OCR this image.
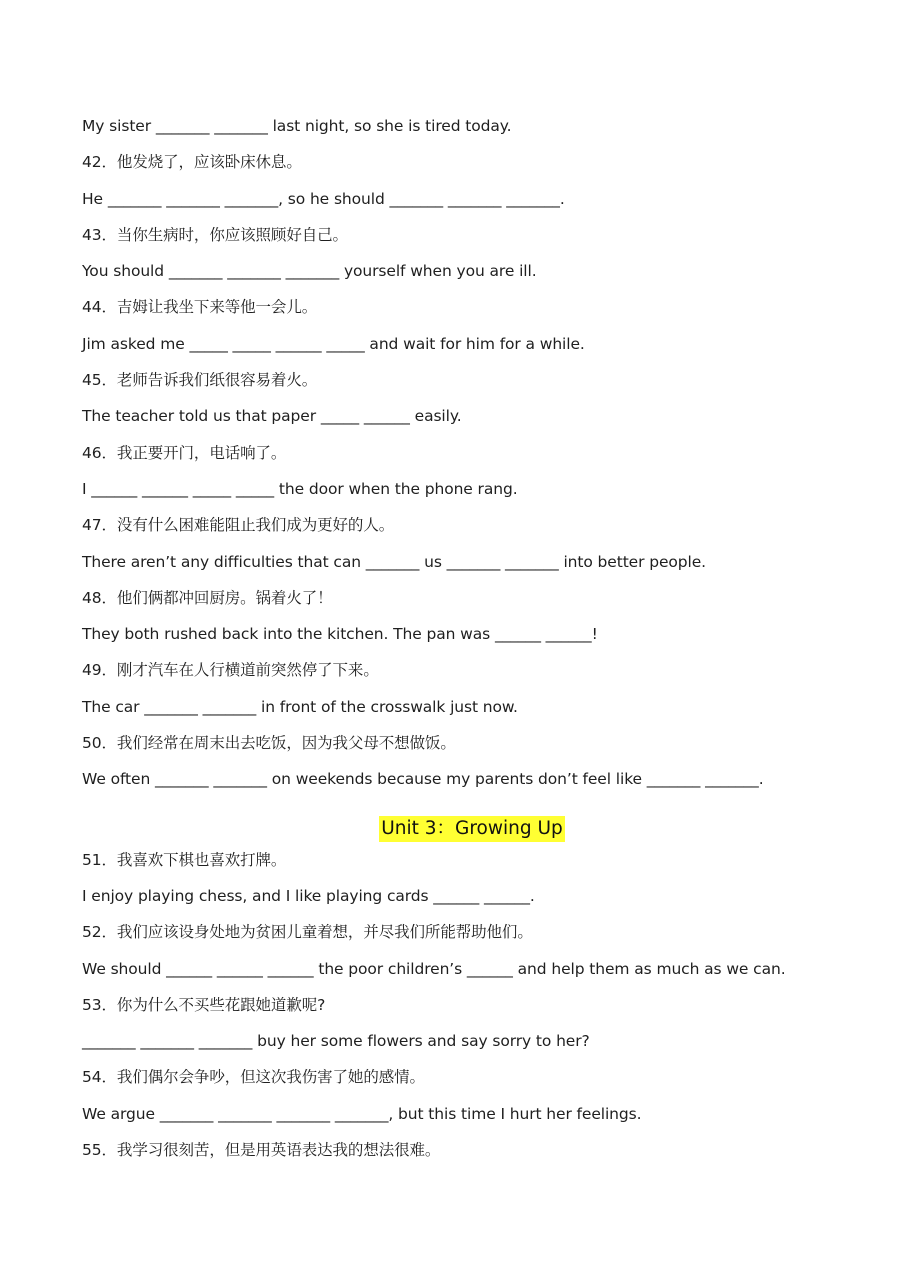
My sister _______ _______ last night, so she is tired today.
42．他发烧了，应该卧床休息。
He _______ _______ _______, so he should _______ _______ _______.
43．当你生病时，你应该照顾好自己。
You should _______ _______ _______ yourself when you are ill.
44．吉姆让我坐下来等他一会儿。
Jim asked me _____ _____ ______ _____ and wait for him for a while.
45．老师告诉我们纸很容易着火。
The teacher told us that paper _____ ______ easily.
46．我正要开门，电话响了。
I ______ ______ _____ _____ the door when the phone rang.
47．没有什么困难能阻止我们成为更好的人。
There aren’t any difficulties that can _______ us _______ _______ into better people.
48．他们俩都冲回厨房。锅着火了！
They both rushed back into the kitchen. The pan was ______ ______!
49．刚才汽车在人行横道前突然停了下来。
The car _______ _______ in front of the crosswalk just now.
50．我们经常在周末出去吃饭，因为我父母不想做饭。
We often _______ _______ on weekends because my parents don’t feel like _______ _______.
Unit 3：Growing Up
51．我喜欢下棋也喜欢打牌。
I enjoy playing chess, and I like playing cards ______ ______.
52．我们应该设身处地为贫困儿童着想，并尽我们所能帮助他们。
We should ______ ______ ______ the poor children’s ______ and help them as much as we can.
53．你为什么不买些花跟她道歉呢?
_______ _______ _______ buy her some flowers and say sorry to her?
54．我们偶尔会争吵，但这次我伤害了她的感情。
We argue _______ _______ _______ _______, but this time I hurt her feelings.
55．我学习很刻苦，但是用英语表达我的想法很难。
